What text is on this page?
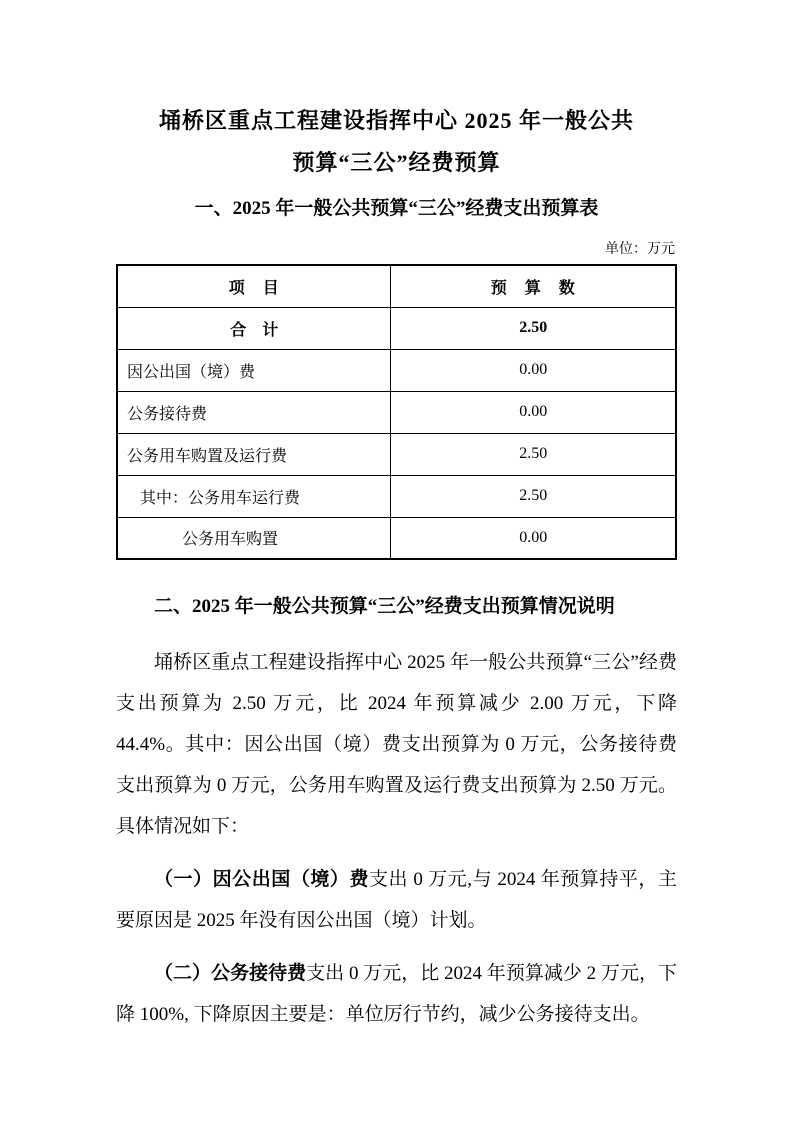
埇桥区重点工程建设指挥中心 2025 年一般公共
预算“三公”经费预算
一、2025 年一般公共预算“三公”经费支出预算表
单位：万元
项　目	预　算　数
合　计	2.50
因公出国（境）费	0.00
公务接待费	0.00
公务用车购置及运行费	2.50
其中：公务用车运行费	2.50
公务用车购置	0.00
二、2025 年一般公共预算“三公”经费支出预算情况说明

埇桥区重点工程建设指挥中心 2025 年一般公共预算“三公”经费支出预算为 2.50 万元，比 2024 年预算减少 2.00 万元，下降 44.4%。其中：因公出国（境）费支出预算为 0 万元，公务接待费支出预算为 0 万元，公务用车购置及运行费支出预算为 2.50 万元。具体情况如下：

（一）因公出国（境）费支出 0 万元,与 2024 年预算持平，主要原因是 2025 年没有因公出国（境）计划。

（二）公务接待费支出 0 万元，比 2024 年预算减少 2 万元，下降 100%, 下降原因主要是：单位厉行节约，减少公务接待支出。
